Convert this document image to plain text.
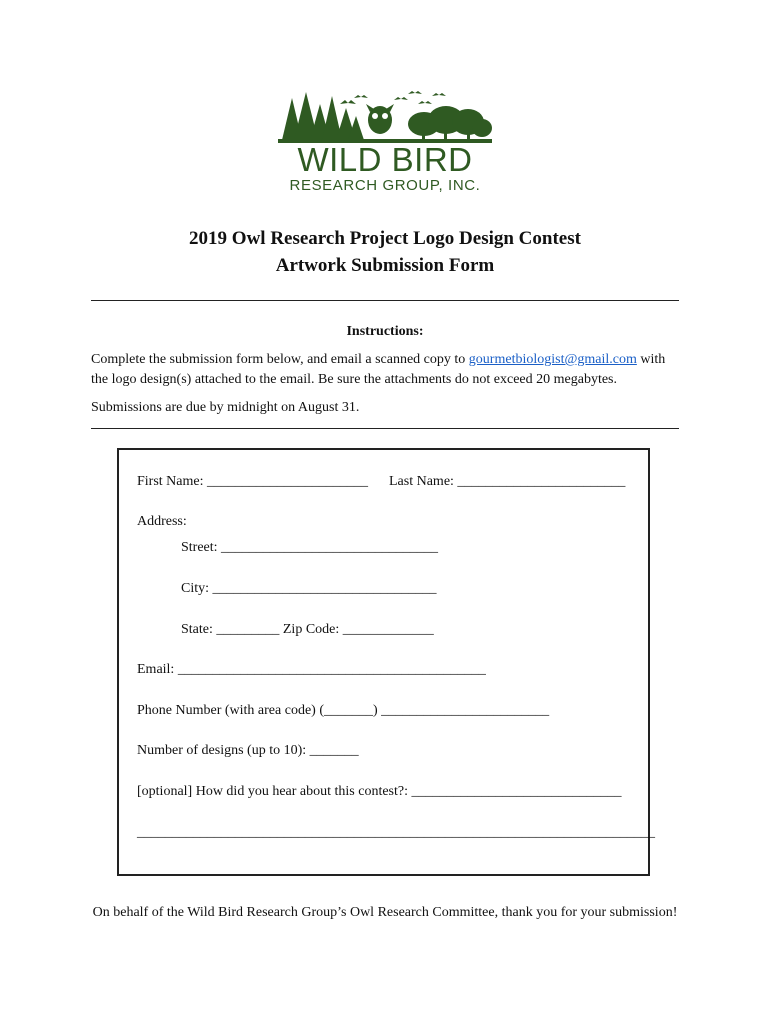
WILD BIRD
RESEARCH GROUP, INC.
2019 Owl Research Project Logo Design Contest
Artwork Submission Form
Instructions:
Complete the submission form below, and email a scanned copy to gourmetbiologist@gmail.com with
the logo design(s) attached to the email. Be sure the attachments do not exceed 20 megabytes.
Submissions are due by midnight on August 31.
First Name: _______________________ Last Name: ________________________
Address:
Street: _______________________________
City: ________________________________
State: _________ Zip Code: _____________
Email: ____________________________________________
Phone Number (with area code) (_______) ________________________
Number of designs (up to 10): _______
[optional] How did you hear about this contest?: ______________________________
__________________________________________________________________________
On behalf of the Wild Bird Research Group’s Owl Research Committee, thank you for your submission!
